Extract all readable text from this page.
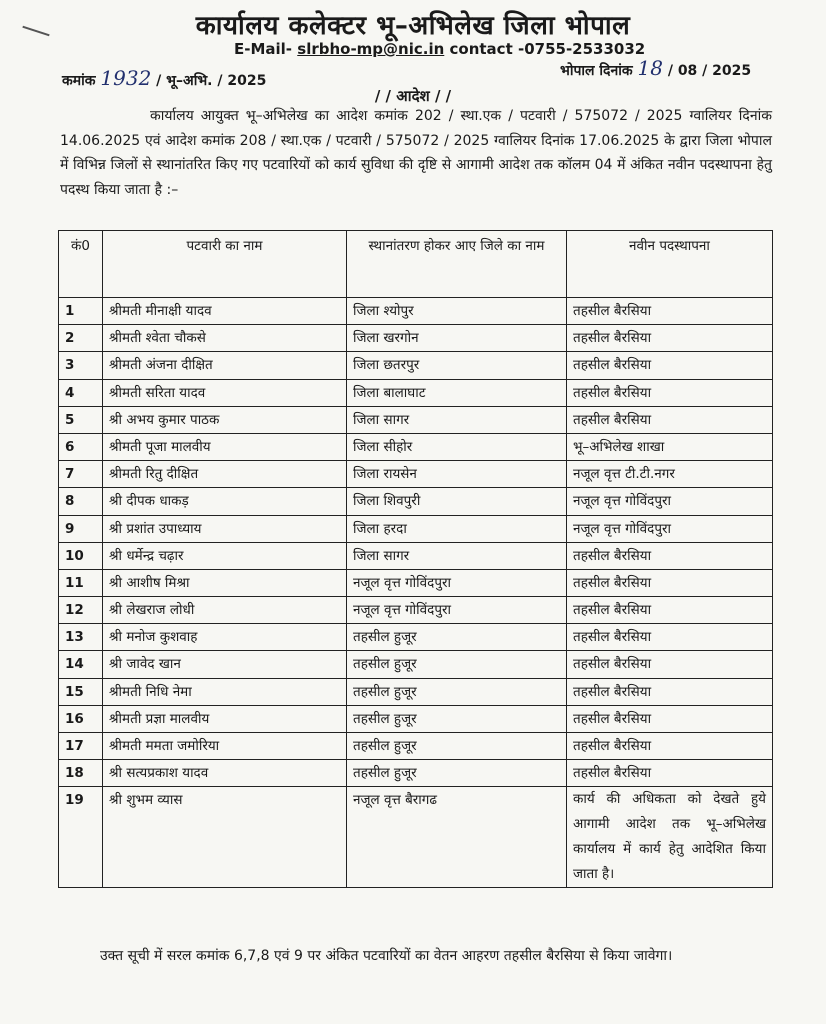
कार्यालय कलेक्टर भू–अभिलेख जिला भोपाल
E-Mail- slrbho-mp@nic.in contact -0755-2533032
कमांक 1932 / भू–अभि. / 2025
भोपाल दिनांक 18 / 08 / 2025
/ / आदेश / /
कार्यालय आयुक्त भू–अभिलेख का आदेश कमांक 202 / स्था.एक / पटवारी / 575072 / 2025 ग्वालियर दिनांक 14.06.2025 एवं आदेश कमांक 208 / स्था.एक / पटवारी / 575072 / 2025 ग्वालियर दिनांक 17.06.2025 के द्वारा जिला भोपाल में विभिन्न जिलों से स्थानांतरित किए गए पटवारियों को कार्य सुविधा की दृष्टि से आगामी आदेश तक कॉलम 04 में अंकित नवीन पदस्थापना हेतु पदस्थ किया जाता है :–
कं0	पटवारी का नाम	स्थानांतरण होकर आए जिले का नाम	नवीन पदस्थापना
1	श्रीमती मीनाक्षी यादव	जिला श्योपुर	तहसील बैरसिया
2	श्रीमती श्वेता चौकसे	जिला खरगोन	तहसील बैरसिया
3	श्रीमती अंजना दीक्षित	जिला छतरपुर	तहसील बैरसिया
4	श्रीमती सरिता यादव	जिला बालाघाट	तहसील बैरसिया
5	श्री अभय कुमार पाठक	जिला सागर	तहसील बैरसिया
6	श्रीमती पूजा मालवीय	जिला सीहोर	भू–अभिलेख शाखा
7	श्रीमती रितु दीक्षित	जिला रायसेन	नजूल वृत्त टी.टी.नगर
8	श्री दीपक धाकड़	जिला शिवपुरी	नजूल वृत्त गोविंदपुरा
9	श्री प्रशांत उपाध्याय	जिला हरदा	नजूल वृत्त गोविंदपुरा
10	श्री धर्मेन्द्र चढ़ार	जिला सागर	तहसील बैरसिया
11	श्री आशीष मिश्रा	नजूल वृत्त गोविंदपुरा	तहसील बैरसिया
12	श्री लेखराज लोधी	नजूल वृत्त गोविंदपुरा	तहसील बैरसिया
13	श्री मनोज कुशवाह	तहसील हुजूर	तहसील बैरसिया
14	श्री जावेद खान	तहसील हुजूर	तहसील बैरसिया
15	श्रीमती निधि नेमा	तहसील हुजूर	तहसील बैरसिया
16	श्रीमती प्रज्ञा मालवीय	तहसील हुजूर	तहसील बैरसिया
17	श्रीमती ममता जमोरिया	तहसील हुजूर	तहसील बैरसिया
18	श्री सत्यप्रकाश यादव	तहसील हुजूर	तहसील बैरसिया
19	श्री शुभम व्यास	नजूल वृत्त बैरागढ	कार्य की अधिकता को देखते हुये आगामी आदेश तक भू–अभिलेख कार्यालय में कार्य हेतु आदेशित किया जाता है।
उक्त सूची में सरल कमांक 6,7,8 एवं 9 पर अंकित पटवारियों का वेतन आहरण तहसील बैरसिया से किया जावेगा।
